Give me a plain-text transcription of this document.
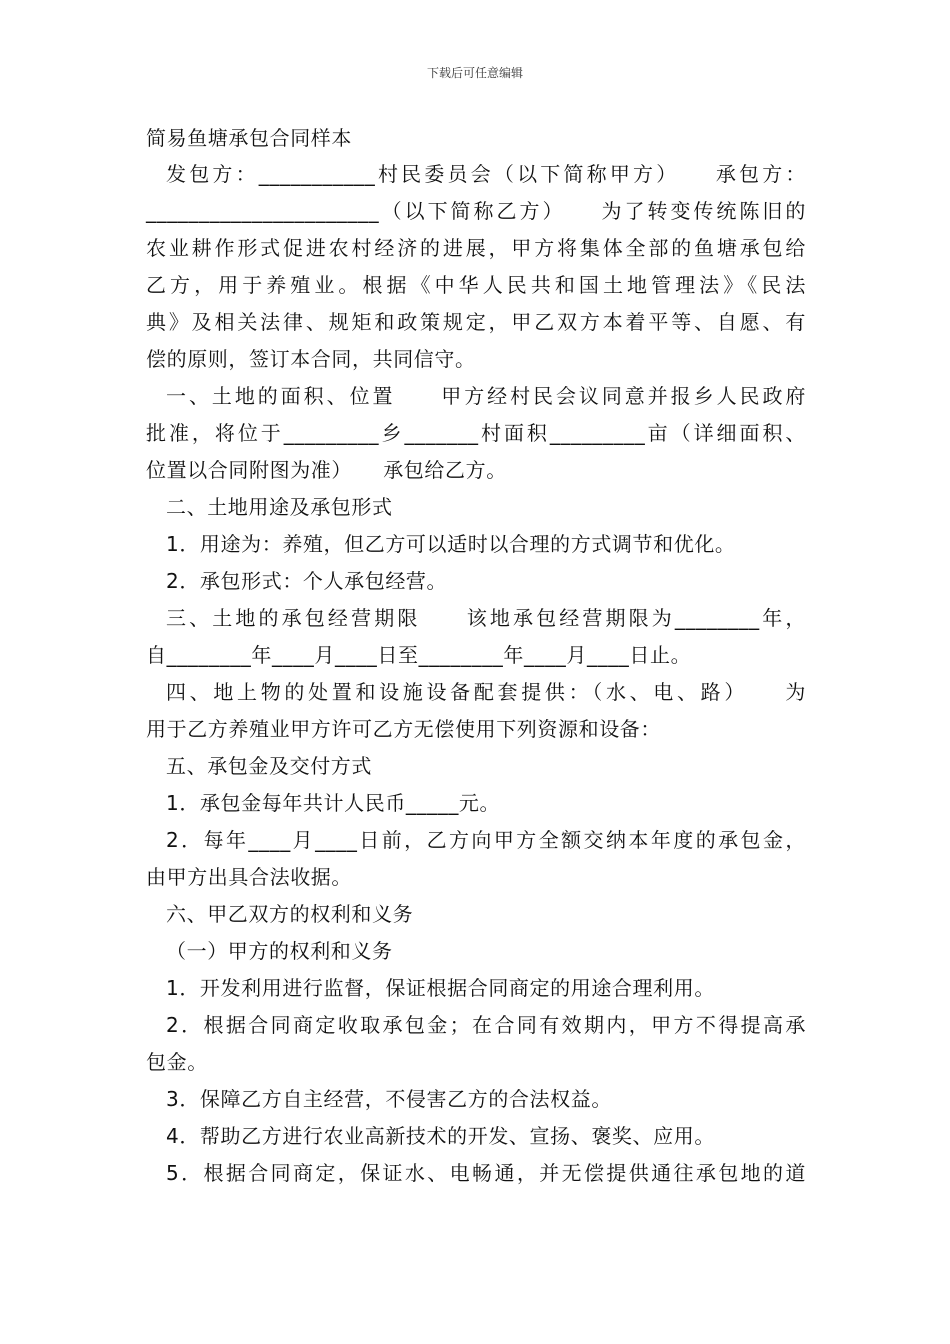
下载后可任意编辑
简易鱼塘承包合同样本
发包方：___________村民委员会（以下简称甲方）　　承包方：
______________________（以下简称乙方）　　为了转变传统陈旧的
农业耕作形式促进农村经济的进展，甲方将集体全部的鱼塘承包给
乙方，用于养殖业。根据《中华人民共和国土地管理法》《民法
典》及相关法律、规矩和政策规定，甲乙双方本着平等、自愿、有
偿的原则，签订本合同，共同信守。
一、土地的面积、位置　　甲方经村民会议同意并报乡人民政府
批准，将位于_________乡_______村面积_________亩（详细面积、
位置以合同附图为准）　　承包给乙方。
二、土地用途及承包形式
1．用途为：养殖，但乙方可以适时以合理的方式调节和优化。
2．承包形式：个人承包经营。
三、土地的承包经营期限　　该地承包经营期限为________年，
自________年____月____日至________年____月____日止。
四、地上物的处置和设施设备配套提供：（水、电、路）　　为
用于乙方养殖业甲方许可乙方无偿使用下列资源和设备：
五、承包金及交付方式
1．承包金每年共计人民币_____元。
2．每年____月____日前，乙方向甲方全额交纳本年度的承包金，
由甲方出具合法收据。
六、甲乙双方的权利和义务
（一）甲方的权利和义务
1．开发利用进行监督，保证根据合同商定的用途合理利用。
2．根据合同商定收取承包金；在合同有效期内，甲方不得提高承
包金。
3．保障乙方自主经营，不侵害乙方的合法权益。
4．帮助乙方进行农业高新技术的开发、宣扬、褒奖、应用。
5．根据合同商定，保证水、电畅通，并无偿提供通往承包地的道
